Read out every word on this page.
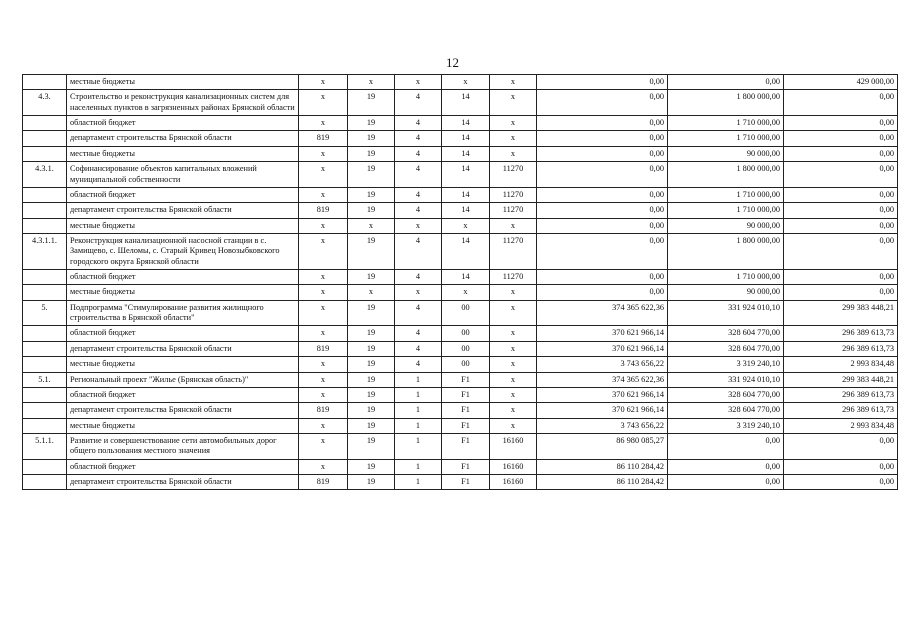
12
	местные бюджеты	x	x	x	x	x	0,00	0,00	429 000,00
4.3.	Строительство и реконструкция канализационных систем для населенных пунктов в загрязненных районах Брянской области	x	19	4	14	x	0,00	1 800 000,00	0,00
	областной бюджет	x	19	4	14	x	0,00	1 710 000,00	0,00
	департамент строительства Брянской области	819	19	4	14	x	0,00	1 710 000,00	0,00
	местные бюджеты	x	19	4	14	x	0,00	90 000,00	0,00
4.3.1.	Софинансирование объектов капитальных вложений муниципальной собственности	x	19	4	14	11270	0,00	1 800 000,00	0,00
	областной бюджет	x	19	4	14	11270	0,00	1 710 000,00	0,00
	департамент строительства Брянской области	819	19	4	14	11270	0,00	1 710 000,00	0,00
	местные бюджеты	x	x	x	x	x	0,00	90 000,00	0,00
4.3.1.1.	Реконструкция канализационной насосной станции в с. Замищево, с. Шеломы, с. Старый Кривец Новозыбковского городского округа Брянской области	x	19	4	14	11270	0,00	1 800 000,00	0,00
	областной бюджет	x	19	4	14	11270	0,00	1 710 000,00	0,00
	местные бюджеты	x	x	x	x	x	0,00	90 000,00	0,00
5.	Подпрограмма "Стимулирование развития жилищного строительства в Брянской области"	x	19	4	00	x	374 365 622,36	331 924 010,10	299 383 448,21
	областной бюджет	x	19	4	00	x	370 621 966,14	328 604 770,00	296 389 613,73
	департамент строительства Брянской области	819	19	4	00	x	370 621 966,14	328 604 770,00	296 389 613,73
	местные бюджеты	x	19	4	00	x	3 743 656,22	3 319 240,10	2 993 834,48
5.1.	Региональный проект "Жилье (Брянская область)"	x	19	1	F1	x	374 365 622,36	331 924 010,10	299 383 448,21
	областной бюджет	x	19	1	F1	x	370 621 966,14	328 604 770,00	296 389 613,73
	департамент строительства Брянской области	819	19	1	F1	x	370 621 966,14	328 604 770,00	296 389 613,73
	местные бюджеты	x	19	1	F1	x	3 743 656,22	3 319 240,10	2 993 834,48
5.1.1.	Развитие и совершенствование сети автомобильных дорог общего пользования местного значения	x	19	1	F1	16160	86 980 085,27	0,00	0,00
	областной бюджет	x	19	1	F1	16160	86 110 284,42	0,00	0,00
	департамент строительства Брянской области	819	19	1	F1	16160	86 110 284,42	0,00	0,00
